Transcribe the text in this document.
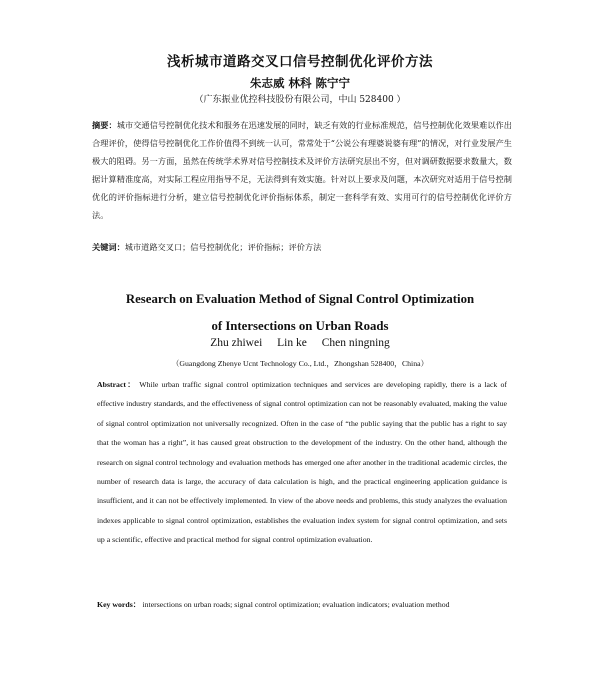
浅析城市道路交叉口信号控制优化评价方法
朱志威 林科 陈宁宁
（广东振业优控科技股份有限公司，中山 528400 ）
摘要：城市交通信号控制优化技术和服务在迅速发展的同时，缺乏有效的行业标准规范，信号控制优化效果难以作出合理评价，使得信号控制优化工作价值得不到统一认可，常常处于“公说公有理婆说婆有理”的情况，对行业发展产生极大的阻碍。另一方面，虽然在传统学术界对信号控制技术及评价方法研究层出不穷，但对调研数据要求数量大，数据计算精准度高，对实际工程应用指导不足，无法得到有效实施。针对以上要求及问题，本次研究对适用于信号控制优化的评价指标进行分析，建立信号控制优化评价指标体系，制定一套科学有效、实用可行的信号控制优化评价方法。
关键词：城市道路交叉口；信号控制优化；评价指标；评价方法
Research on Evaluation Method of Signal Control Optimization
of Intersections on Urban Roads
Zhu zhiwei Lin ke Chen ningning
（Guangdong Zhenye Ucnt Technology Co., Ltd.，Zhongshan 528400，China）
Abstract： While urban traffic signal control optimization techniques and services are developing rapidly, there is a lack of effective industry standards, and the effectiveness of signal control optimization can not be reasonably evaluated, making the value of signal control optimization not universally recognized. Often in the case of “the public saying that the public has a right to say that the woman has a right”, it has caused great obstruction to the development of the industry. On the other hand, although the research on signal control technology and evaluation methods has emerged one after another in the traditional academic circles, the number of research data is large, the accuracy of data calculation is high, and the practical engineering application guidance is insufficient, and it can not be effectively implemented. In view of the above needs and problems, this study analyzes the evaluation indexes applicable to signal control optimization, establishes the evaluation index system for signal control optimization, and sets up a scientific, effective and practical method for signal control optimization evaluation.
Key words： intersections on urban roads; signal control optimization; evaluation indicators; evaluation method
